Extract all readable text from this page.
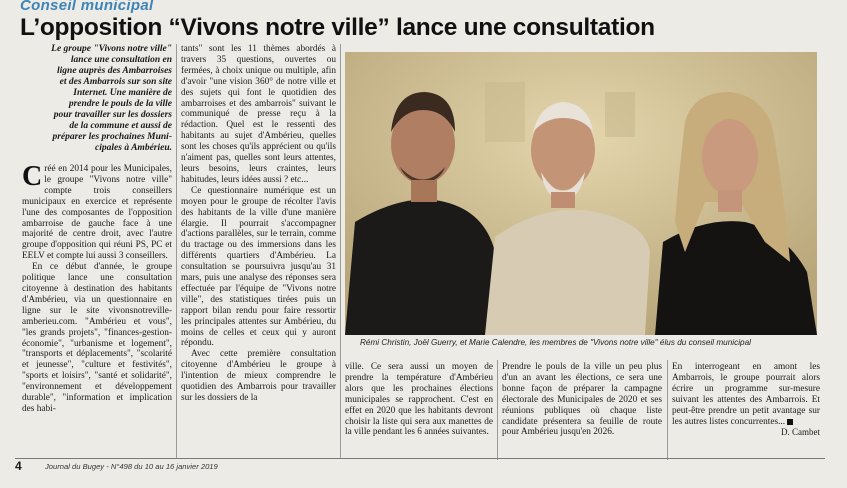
Conseil municipal
L’opposition “Vivons notre ville” lance une consultation
Le groupe "Vivons notre ville"
lance une consultation en
ligne auprès des Ambarroises
et des Ambarrois sur son site
Internet. Une manière de
prendre le pouls de la ville
pour travailler sur les dossiers
de la commune et aussi de
préparer les prochaines Muni-
cipales à Ambérieu.

Créé en 2014 pour les Municipales, le groupe "Vivons notre ville" compte trois conseillers municipaux en exercice et représente l'une des composantes de l'opposition ambarroise de gauche face à une majorité de centre droit, avec l'autre groupe d'opposition qui réuni PS, PC et EELV et compte lui aussi 3 conseillers.

En ce début d'année, le groupe politique lance une consultation citoyenne à destination des habitants d'Ambérieu, via un questionnaire en ligne sur le site vivonsnotreville-amberieu.com. "Ambérieu et vous", "les grands projets", "finances-gestion-économie", "urbanisme et logement", "transports et déplacements", "scolarité et jeunesse", "culture et festivités", "sports et loisirs", "santé et solidarité", "environnement et développement durable", "information et implication des habi-

tants" sont les 11 thèmes abordés à travers 35 questions, ouvertes ou fermées, à choix unique ou multiple, afin d'avoir "une vision 360° de notre ville et des sujets qui font le quotidien des ambarroises et des ambarrois" suivant le communiqué de presse reçu à la rédaction. Quel est le ressenti des habitants au sujet d'Ambérieu, quelles sont les choses qu'ils apprécient ou qu'ils n'aiment pas, quelles sont leurs attentes, leurs besoins, leurs craintes, leurs habitudes, leurs idées aussi ? etc...

Ce questionnaire numérique est un moyen pour le groupe de récolter l'avis des habitants de la ville d'une manière élargie. Il pourrait s'accompagner d'actions parallèles, sur le terrain, comme du tractage ou des immersions dans les différents quartiers d'Ambérieu. La consultation se poursuivra jusqu'au 31 mars, puis une analyse des réponses sera effectuée par l'équipe de "Vivons notre ville", des statistiques tirées puis un rapport bilan rendu pour faire ressortir les principales attentes sur Ambérieu, du moins de celles et ceux qui y auront répondu.

Avec cette première consultation citoyenne d'Ambérieu le groupe à l'intention de mieux comprendre le quotidien des Ambarrois pour travailler sur les dossiers de la

Rémi Christin, Joël Guerry, et Marie Calendre, les membres de "Vivons notre ville" élus du conseil municipal

ville. Ce sera aussi un moyen de prendre la température d'Ambérieu alors que les prochaines élections municipales se rapprochent. C'est en effet en 2020 que les habitants devront choisir la liste qui sera aux manettes de la ville pendant les 6 années suivantes.

Prendre le pouls de la ville un peu plus d'un an avant les élections, ce sera une bonne façon de préparer la campagne électorale des Municipales de 2020 et ses réunions publiques où chaque liste candidate présentera sa feuille de route pour Ambérieu jusqu'en 2026.

En interrogeant en amont les Ambarrois, le groupe pourrait alors écrire un programme sur-mesure suivant les attentes des Ambarrois. Et peut-être prendre un petit avantage sur les autres listes concurrentes...

D. Cambet

4	Journal du Bugey - N°498 du 10 au 16 janvier 2019
